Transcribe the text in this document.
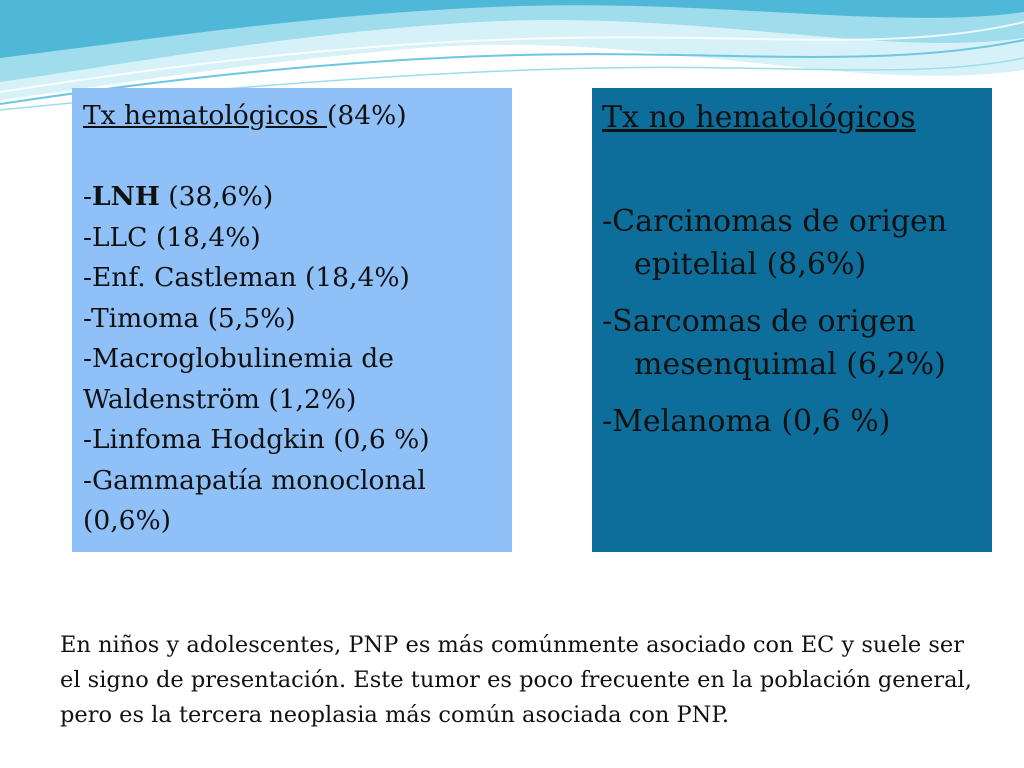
Tx hematológicos (84%)
-LNH (38,6%)
-LLC (18,4%)
-Enf. Castleman (18,4%)
-Timoma (5,5%)
-Macroglobulinemia de
Waldenström (1,2%)
-Linfoma Hodgkin (0,6 %)
-Gammapatía monoclonal
(0,6%)
Tx no hematológicos
-Carcinomas de origen
epitelial (8,6%)
-Sarcomas de origen
mesenquimal (6,2%)
-Melanoma (0,6 %)
En niños y adolescentes, PNP es más comúnmente asociado con EC y suele ser el signo de presentación. Este tumor es poco frecuente en la población general, pero es la tercera neoplasia más común asociada con PNP.
